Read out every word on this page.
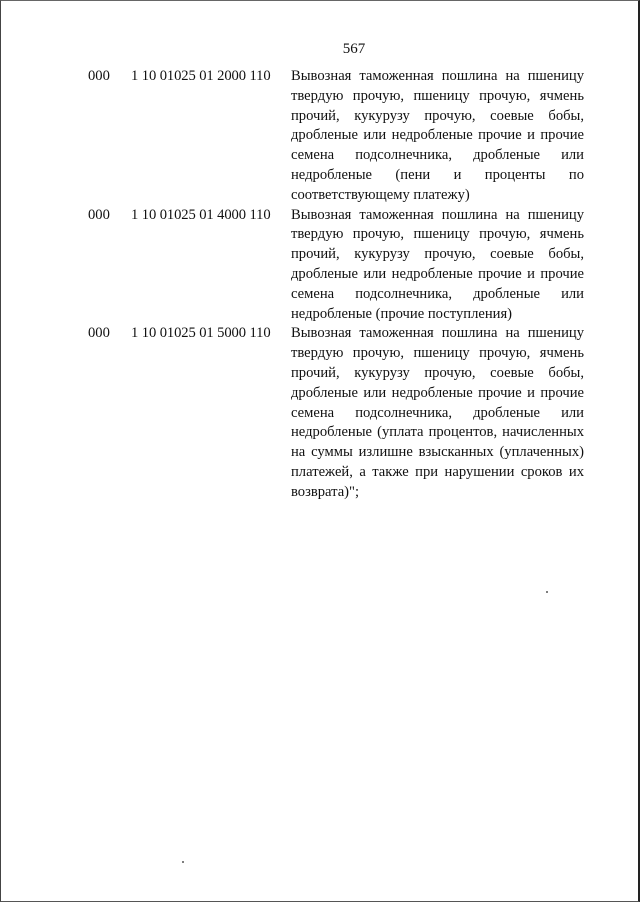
567
000	1 10 01025 01 2000 110	Вывозная таможенная пошлина на пшеницу твердую прочую, пшеницу прочую, ячмень прочий, кукурузу прочую, соевые бобы, дробленые или недробленые прочие и прочие семена подсолнечника, дробленые или недробленые (пени и проценты по соответствующему платежу)
000	1 10 01025 01 4000 110	Вывозная таможенная пошлина на пшеницу твердую прочую, пшеницу прочую, ячмень прочий, кукурузу прочую, соевые бобы, дробленые или недробленые прочие и прочие семена подсолнечника, дробленые или недробленые (прочие поступления)
000	1 10 01025 01 5000 110	Вывозная таможенная пошлина на пшеницу твердую прочую, пшеницу прочую, ячмень прочий, кукурузу прочую, соевые бобы, дробленые или недробленые прочие и прочие семена подсолнечника, дробленые или недробленые (уплата процентов, начисленных на суммы излишне взысканных (уплаченных) платежей, а также при нарушении сроков их возврата)";
